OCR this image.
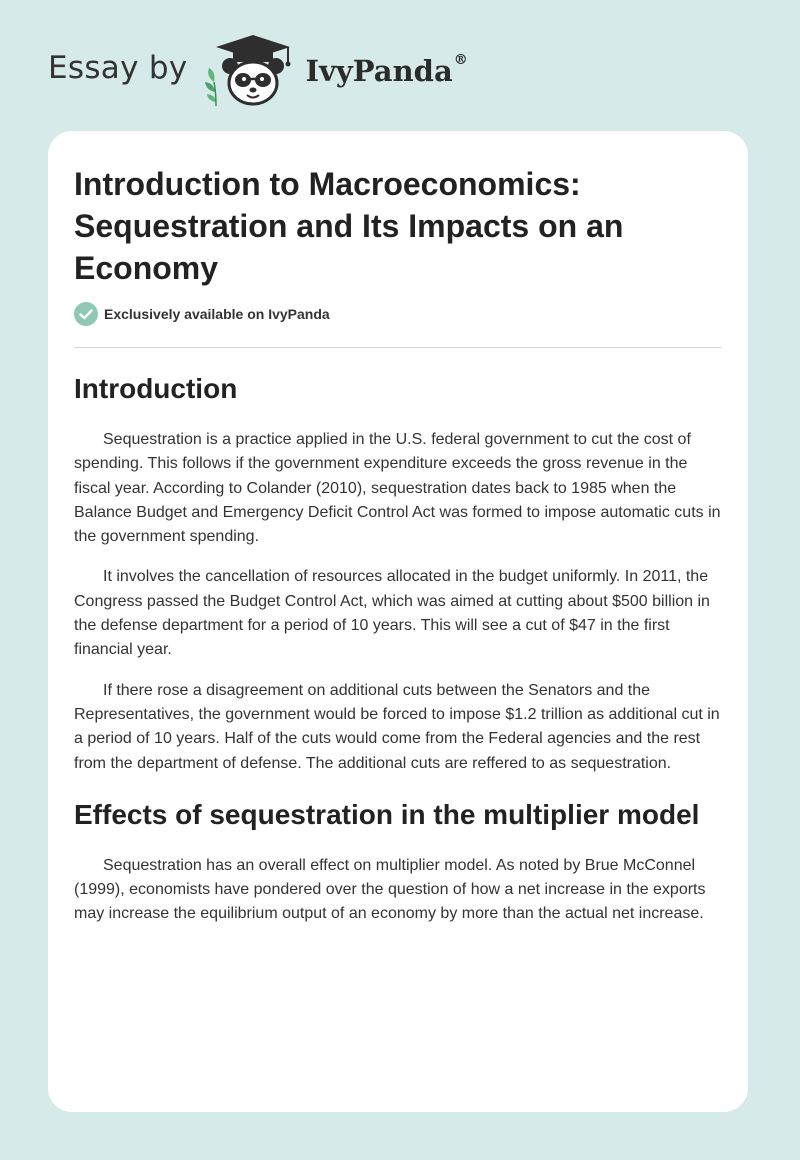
Essay by	IvyPanda®
Introduction to Macroeconomics: Sequestration and Its Impacts on an Economy
Exclusively available on IvyPanda
Introduction

Sequestration is a practice applied in the U.S. federal government to cut the cost of spending. This follows if the government expenditure exceeds the gross revenue in the fiscal year. According to Colander (2010), sequestration dates back to 1985 when the Balance Budget and Emergency Deficit Control Act was formed to impose automatic cuts in the government spending.

It involves the cancellation of resources allocated in the budget uniformly. In 2011, the Congress passed the Budget Control Act, which was aimed at cutting about $500 billion in the defense department for a period of 10 years. This will see a cut of $47 in the first financial year.

If there rose a disagreement on additional cuts between the Senators and the Representatives, the government would be forced to impose $1.2 trillion as additional cut in a period of 10 years. Half of the cuts would come from the Federal agencies and the rest from the department of defense. The additional cuts are reffered to as sequestration.

Effects of sequestration in the multiplier model

Sequestration has an overall effect on multiplier model. As noted by Brue McConnel (1999), economists have pondered over the question of how a net increase in the exports may increase the equilibrium output of an economy by more than the actual net increase.
